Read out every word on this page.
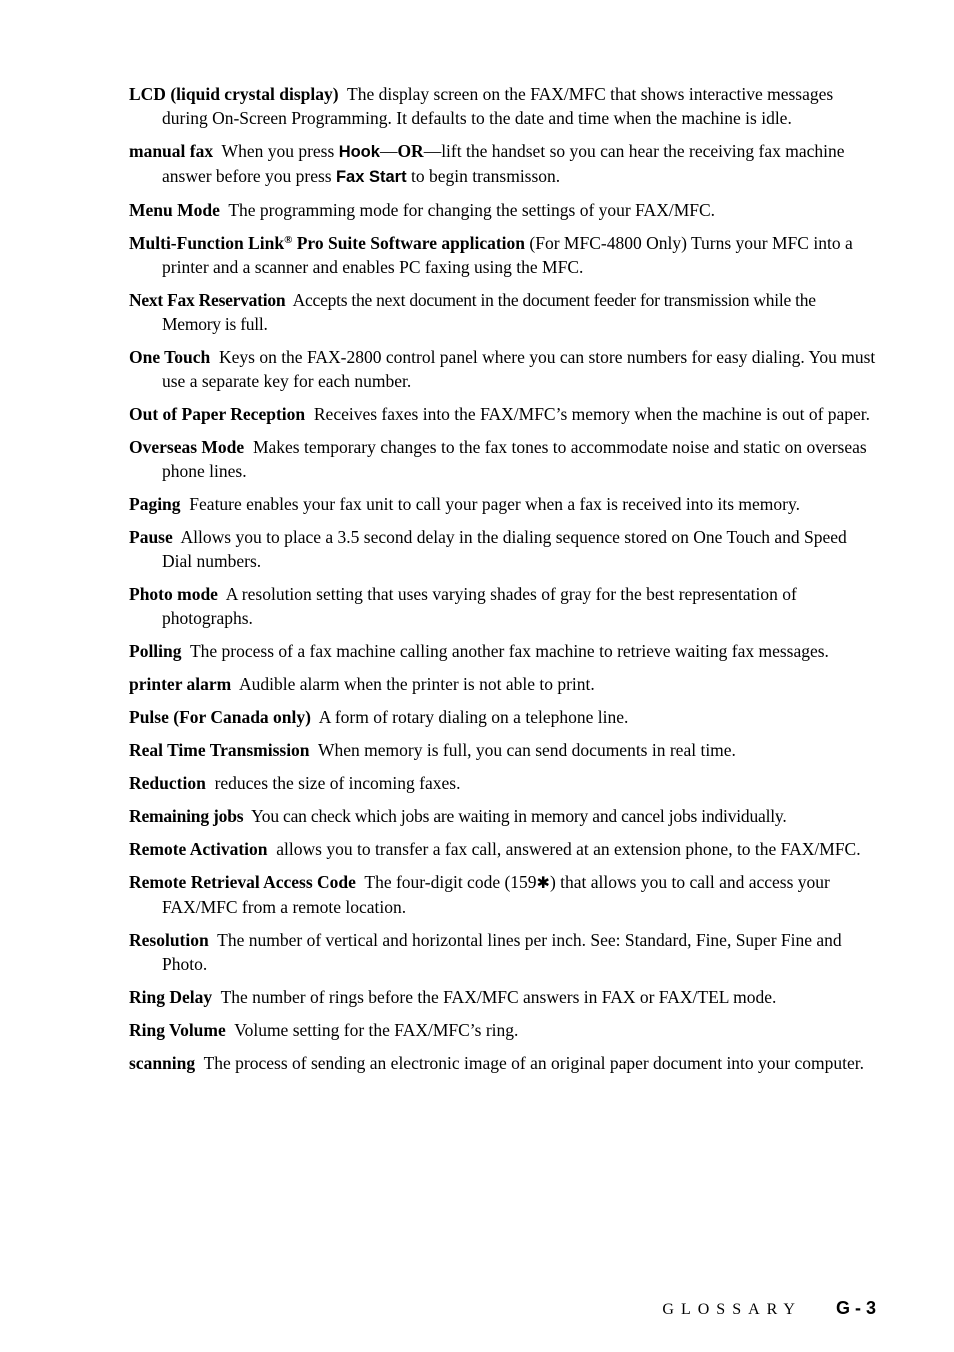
LCD (liquid crystal display) The display screen on the FAX/MFC that shows interactive messages during On-Screen Programming. It defaults to the date and time when the machine is idle.

manual fax When you press Hook—OR—lift the handset so you can hear the receiving fax machine answer before you press Fax Start to begin transmisson.

Menu Mode The programming mode for changing the settings of your FAX/MFC.

Multi-Function Link® Pro Suite Software application (For MFC-4800 Only) Turns your MFC into a printer and a scanner and enables PC faxing using the MFC.

Next Fax Reservation Accepts the next document in the document feeder for transmission while the Memory is full.

One Touch Keys on the FAX-2800 control panel where you can store numbers for easy dialing. You must use a separate key for each number.

Out of Paper Reception Receives faxes into the FAX/MFC’s memory when the machine is out of paper.

Overseas Mode Makes temporary changes to the fax tones to accommodate noise and static on overseas phone lines.

Paging Feature enables your fax unit to call your pager when a fax is received into its memory.

Pause Allows you to place a 3.5 second delay in the dialing sequence stored on One Touch and Speed Dial numbers.

Photo mode A resolution setting that uses varying shades of gray for the best representation of photographs.

Polling The process of a fax machine calling another fax machine to retrieve waiting fax messages.

printer alarm Audible alarm when the printer is not able to print.

Pulse (For Canada only) A form of rotary dialing on a telephone line.

Real Time Transmission When memory is full, you can send documents in real time.

Reduction reduces the size of incoming faxes.

Remaining jobs You can check which jobs are waiting in memory and cancel jobs individually.

Remote Activation allows you to transfer a fax call, answered at an extension phone, to the FAX/MFC.

Remote Retrieval Access Code The four-digit code (159✱) that allows you to call and access your FAX/MFC from a remote location.

Resolution The number of vertical and horizontal lines per inch. See: Standard, Fine, Super Fine and Photo.

Ring Delay The number of rings before the FAX/MFC answers in FAX or FAX/TEL mode.

Ring Volume Volume setting for the FAX/MFC’s ring.

scanning The process of sending an electronic image of an original paper document into your computer.

GLOSSARY G - 3
